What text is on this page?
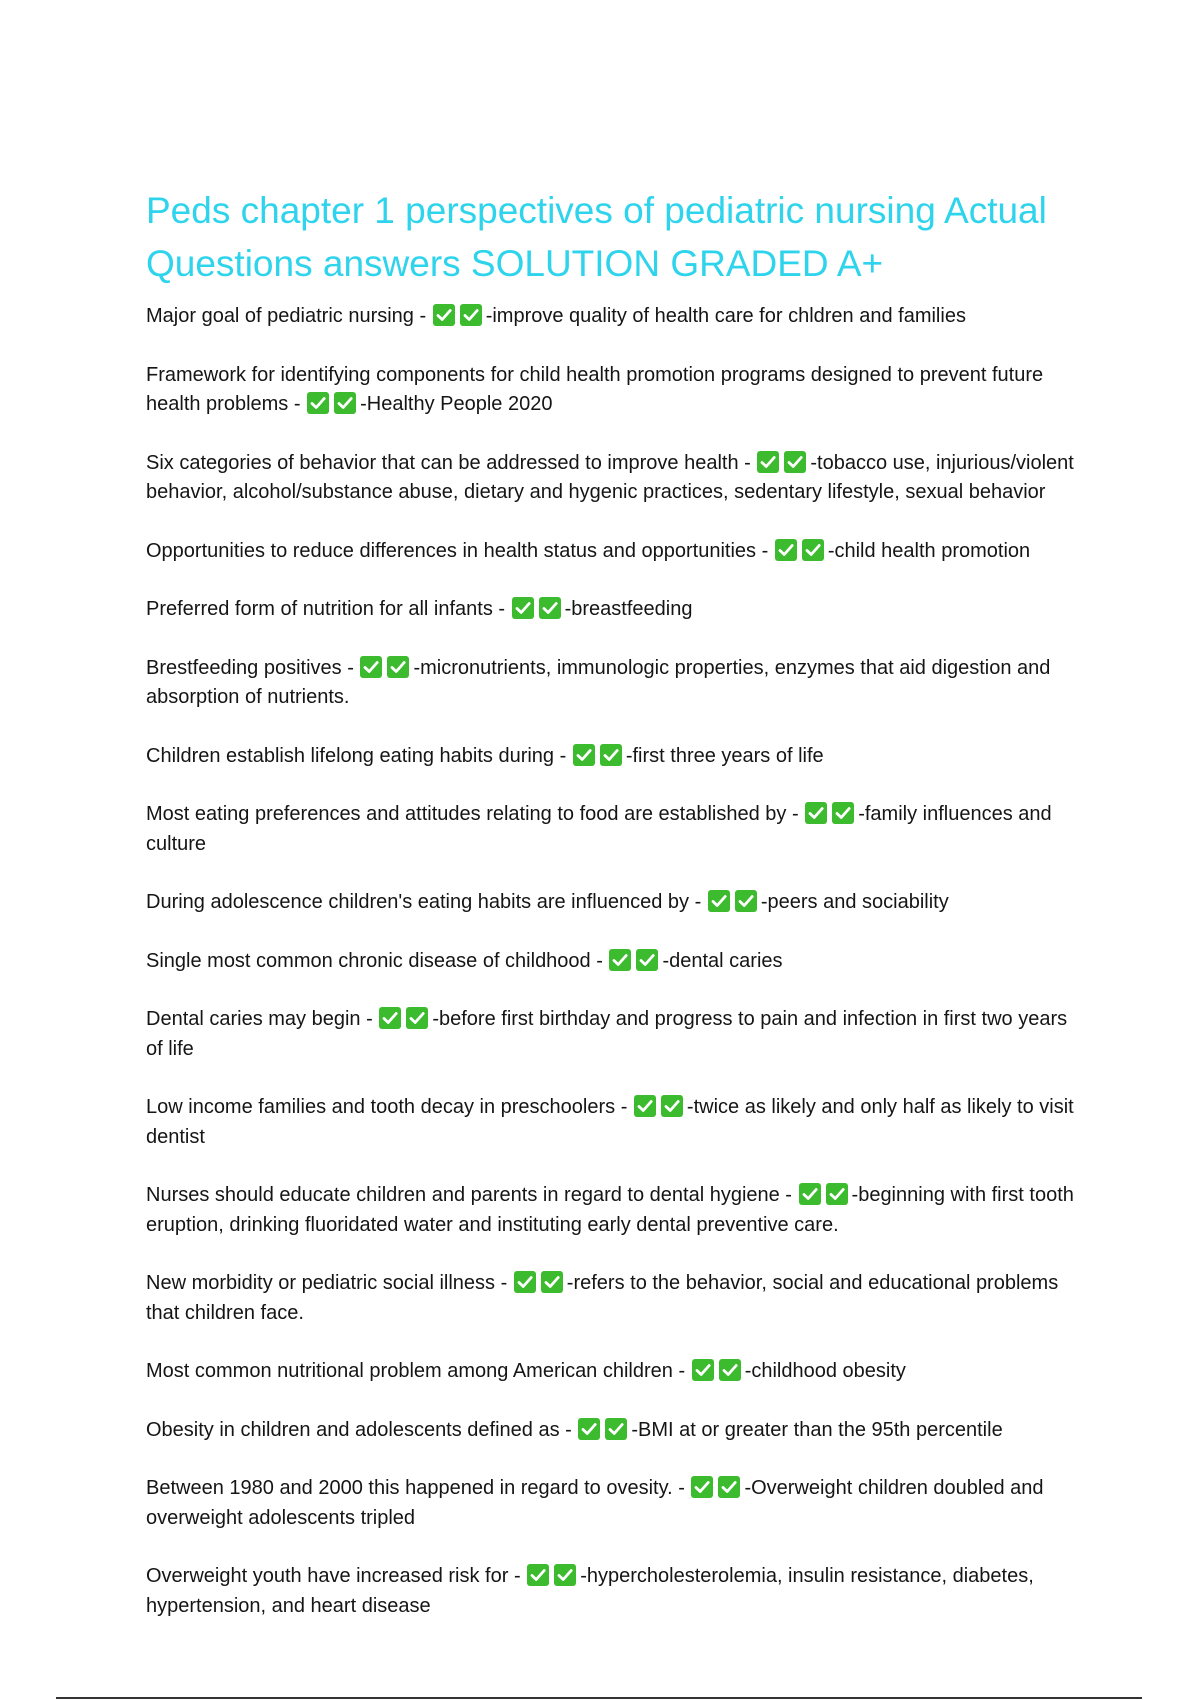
Peds chapter 1 perspectives of pediatric nursing Actual Questions answers SOLUTION GRADED A+
Major goal of pediatric nursing -	-improve quality of health care for chldren and families
Framework for identifying components for child health promotion programs designed to prevent future health problems -	-Healthy People 2020
Six categories of behavior that can be addressed to improve health -	-tobacco use, injurious/violent behavior, alcohol/substance abuse, dietary and hygenic practices, sedentary lifestyle, sexual behavior
Opportunities to reduce differences in health status and opportunities -	-child health promotion
Preferred form of nutrition for all infants -	-breastfeeding
Brestfeeding positives -	-micronutrients, immunologic properties, enzymes that aid digestion and absorption of nutrients.
Children establish lifelong eating habits during -	-first three years of life
Most eating preferences and attitudes relating to food are established by -	-family influences and culture
During adolescence children's eating habits are influenced by -	-peers and sociability
Single most common chronic disease of childhood -	-dental caries
Dental caries may begin -	-before first birthday and progress to pain and infection in first two years of life
Low income families and tooth decay in preschoolers -	-twice as likely and only half as likely to visit dentist
Nurses should educate children and parents in regard to dental hygiene -	-beginning with first tooth eruption, drinking fluoridated water and instituting early dental preventive care.
New morbidity or pediatric social illness -	-refers to the behavior, social and educational problems that children face.
Most common nutritional problem among American children -	-childhood obesity
Obesity in children and adolescents defined as -	-BMI at or greater than the 95th percentile
Between 1980 and 2000 this happened in regard to ovesity. -	-Overweight children doubled and overweight adolescents tripled
Overweight youth have increased risk for -	-hypercholesterolemia, insulin resistance, diabetes, hypertension, and heart disease
